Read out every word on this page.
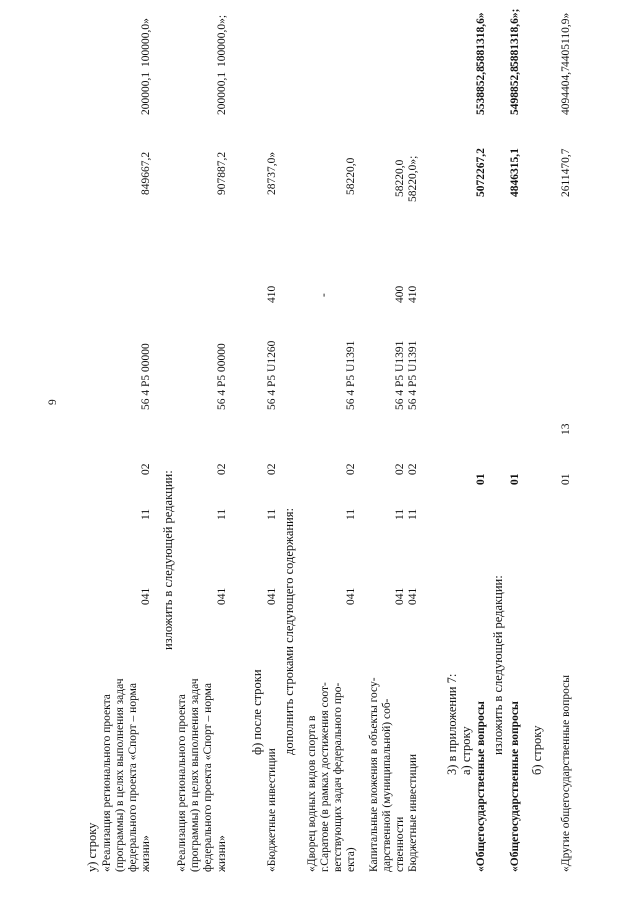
9
у) строку «Реализация регионального проекта (программы) в целях выполнения задач федерального проекта «Спорт – норма жизни»
041
11
02
56 4 P5 00000
849667,2
200000,1
100000,0»
изложить в следующей редакции:
«Реализация регионального проекта (программы) в целях выполнения задач федерального проекта «Спорт – норма жизни»
041
11
02
56 4 P5 00000
907887,2
200000,1
100000,0»;
ф) после строки
«Бюджетные инвестиции
041
11
02
56 4 P5 U1260
410
28737,0»
дополнить строками следующего содержания:
«Дворец водных видов спорта в г.Саратове (в рамках достижения соот- ветствующих задач федерального про- екта)
041
11
02
56 4 P5 U1391
-
58220,0
Капитальные вложения в объекты госу- дарственной (муниципальной) соб- ственности
041
11
02
56 4 P5 U1391
400
58220,0
Бюджетные инвестиции
041
11
02
56 4 P5 U1391
410
58220,0»;
3) в приложении 7: а) строку «Общегосударственные вопросы
01
5072267,2
5538852,8
5881318,6»
изложить в следующей редакции:
«Общегосударственные вопросы
01
4846315,1
5498852,8
5881318,6»;
б) строку «Другие общегосударственные вопросы
01
13
2611470,7
4094404,7
4405110,9»
